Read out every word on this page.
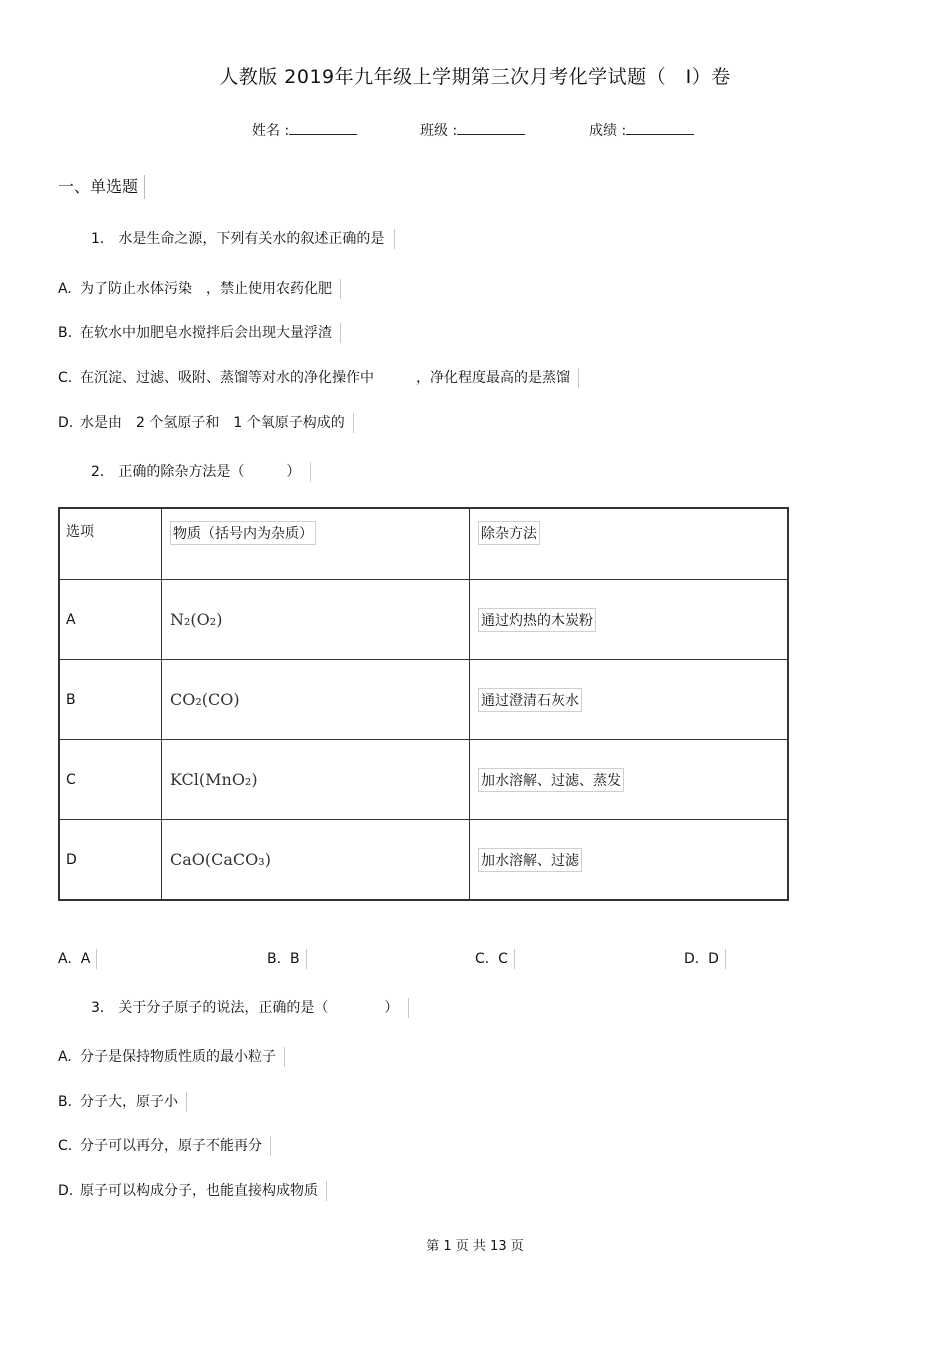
人教版 2019年九年级上学期第三次月考化学试题（　I）卷
姓名 :	班级 :	成绩 :
一、单选题
1． 水是生命之源，下列有关水的叙述正确的是
A. 为了防止水体污染　，禁止使用农药化肥
B. 在软水中加肥皂水搅拌后会出现大量浮渣
C. 在沉淀、过滤、吸附、蒸馏等对水的净化操作中　　　，净化程度最高的是蒸馏
D. 水是由　2 个氢原子和　1 个氧原子构成的
2． 正确的除杂方法是（　　　）
选项	物质（括号内为杂质）	除杂方法
A	N₂(O₂)	通过灼热的木炭粉
B	CO₂(CO)	通过澄清石灰水
C	KCl(MnO₂)	加水溶解、过滤、蒸发
D	CaO(CaCO₃)	加水溶解、过滤
A. A	B. B	C. C	D. D
3． 关于分子原子的说法，正确的是（　　　　）
A. 分子是保持物质性质的最小粒子
B. 分子大，原子小
C. 分子可以再分，原子不能再分
D. 原子可以构成分子，也能直接构成物质
第 1 页 共 13 页
